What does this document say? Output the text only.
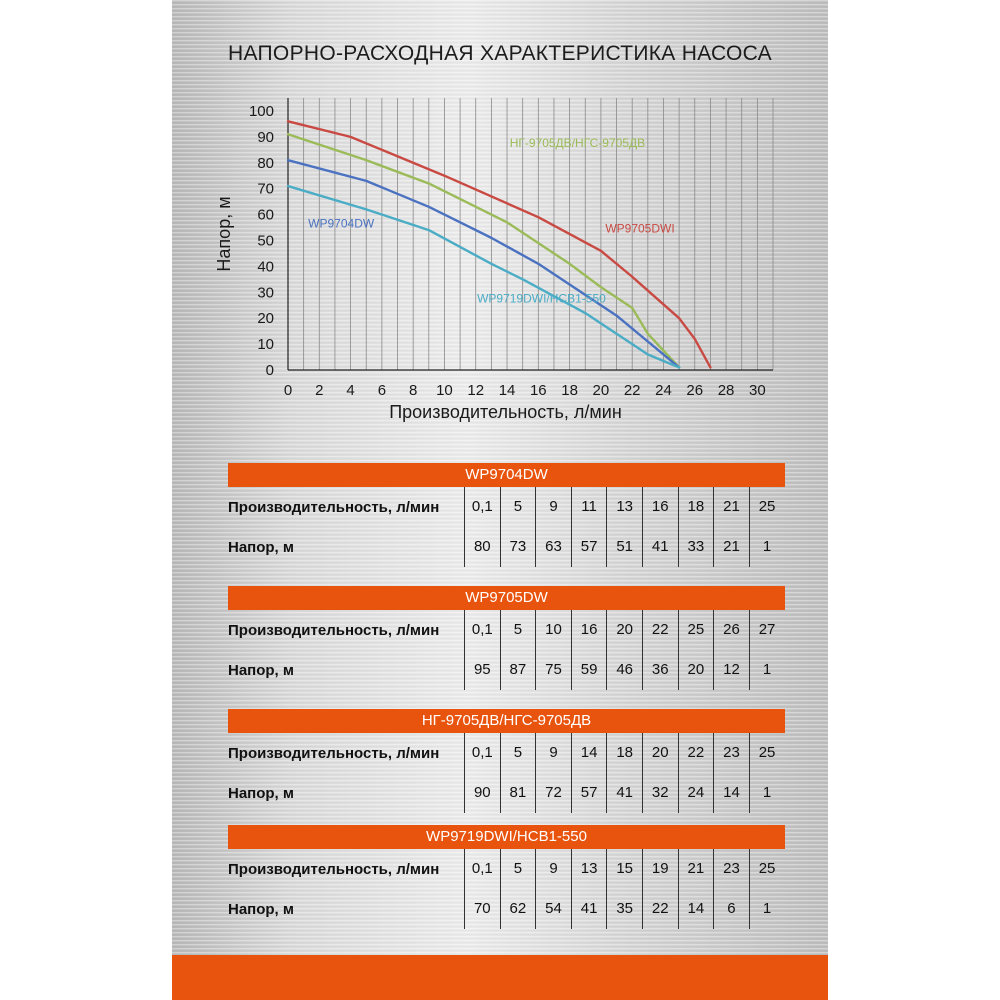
НАПОРНО-РАСХОДНАЯ ХАРАКТЕРИСТИКА НАСОСА
0
10
20
30
40
50
60
70
80
90
100
0 2 4 6 8 10 12 14 16 18 20 22 24 26 28 30
Производительность, л/мин
Напор, м
НГ-9705ДВ/НГС-9705ДВ
WP9705DWI
WP9704DW
WP9719DWI/HCB1-550
WP9704DW
Производительность, л/мин	0,1	5	9	11	13	16	18	21	25
Напор, м	80	73	63	57	51	41	33	21	1
WP9705DW
Производительность, л/мин	0,1	5	10	16	20	22	25	26	27
Напор, м	95	87	75	59	46	36	20	12	1
НГ-9705ДВ/НГС-9705ДВ
Производительность, л/мин	0,1	5	9	14	18	20	22	23	25
Напор, м	90	81	72	57	41	32	24	14	1
WP9719DWI/HCB1-550
Производительность, л/мин	0,1	5	9	13	15	19	21	23	25
Напор, м	70	62	54	41	35	22	14	6	1
